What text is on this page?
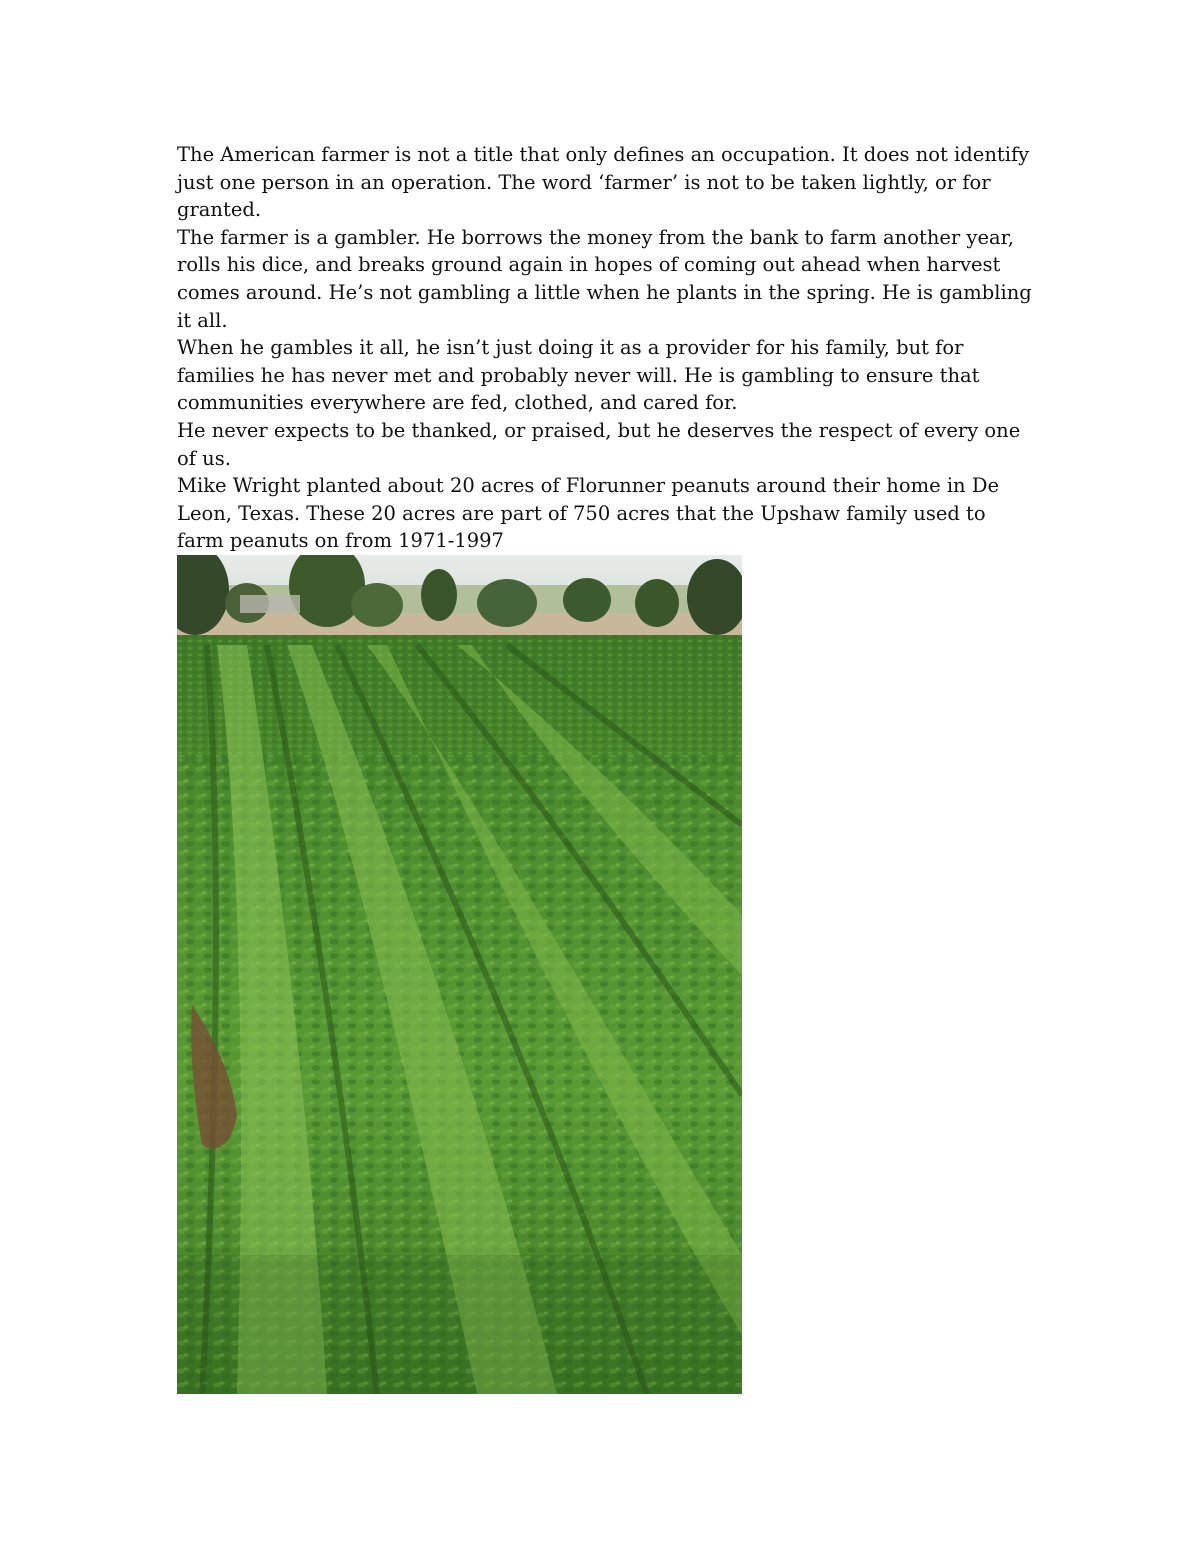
The American farmer is not a title that only defines an occupation. It does not identify just one person in an operation. The word ‘farmer’ is not to be taken lightly, or for granted.

The farmer is a gambler. He borrows the money from the bank to farm another year, rolls his dice, and breaks ground again in hopes of coming out ahead when harvest comes around. He’s not gambling a little when he plants in the spring. He is gambling it all.

When he gambles it all, he isn’t just doing it as a provider for his family, but for families he has never met and probably never will. He is gambling to ensure that communities everywhere are fed, clothed, and cared for.

He never expects to be thanked, or praised, but he deserves the respect of every one of us.

Mike Wright planted about 20 acres of Florunner peanuts around their home in De Leon, Texas. These 20 acres are part of 750 acres that the Upshaw family used to farm peanuts on from 1971-1997
